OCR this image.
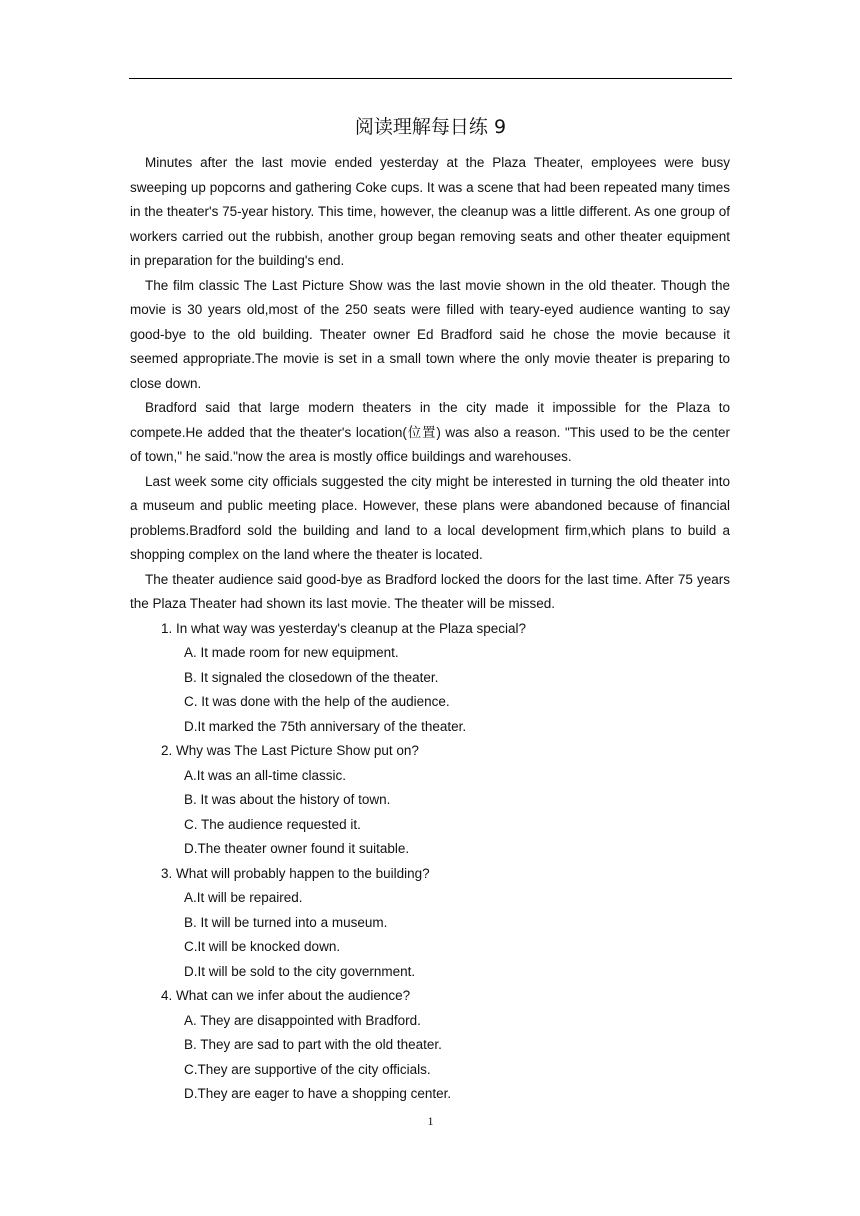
阅读理解每日练 9

Minutes after the last movie ended yesterday at the Plaza Theater, employees were busy sweeping up popcorns and gathering Coke cups. It was a scene that had been repeated many times in the theater's 75-year history. This time, however, the cleanup was a little different. As one group of workers carried out the rubbish, another group began removing seats and other theater equipment in preparation for the building's end.

The film classic The Last Picture Show was the last movie shown in the old theater. Though the movie is 30 years old,most of the 250 seats were filled with teary-eyed audience wanting to say good-bye to the old building. Theater owner Ed Bradford said he chose the movie because it seemed appropriate.The movie is set in a small town where the only movie theater is preparing to close down.

Bradford said that large modern theaters in the city made it impossible for the Plaza to compete.He added that the theater's location(位置) was also a reason. "This used to be the center of town," he said."now the area is mostly office buildings and warehouses.

Last week some city officials suggested the city might be interested in turning the old theater into a museum and public meeting place. However, these plans were abandoned because of financial problems.Bradford sold the building and land to a local development firm,which plans to build a shopping complex on the land where the theater is located.

The theater audience said good-bye as Bradford locked the doors for the last time. After 75 years the Plaza Theater had shown its last movie. The theater will be missed.

1. In what way was yesterday's cleanup at the Plaza special?

A. It made room for new equipment.

B. It signaled the closedown of the theater.

C. It was done with the help of the audience.

D.It marked the 75th anniversary of the theater.

2. Why was The Last Picture Show put on?

A.It was an all-time classic.

B. It was about the history of town.

C. The audience requested it.

D.The theater owner found it suitable.

3. What will probably happen to the building?

A.It will be repaired.

B. It will be turned into a museum.

C.It will be knocked down.

D.It will be sold to the city government.

4. What can we infer about the audience?

A. They are disappointed with Bradford.

B. They are sad to part with the old theater.

C.They are supportive of the city officials.

D.They are eager to have a shopping center.

1
